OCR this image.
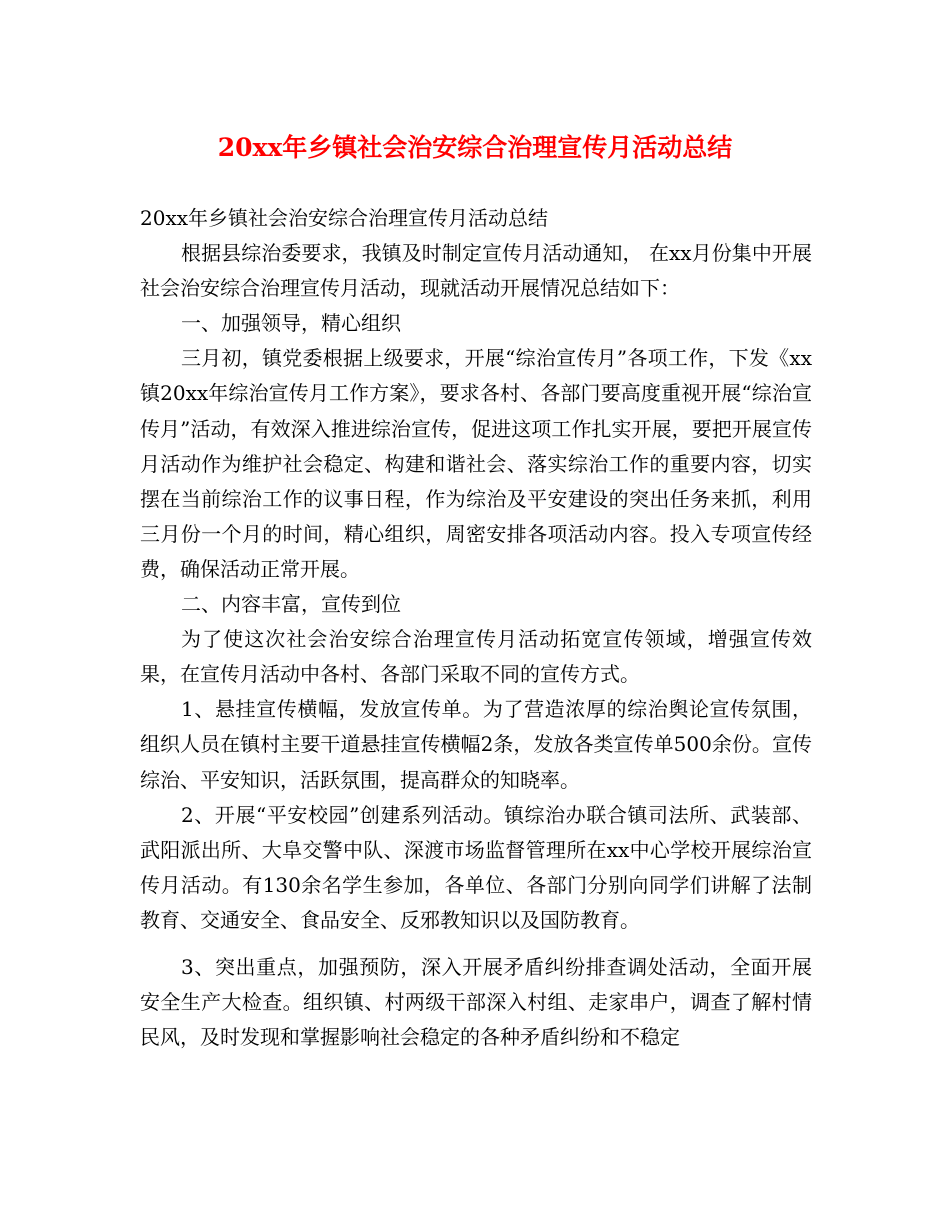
20xx年乡镇社会治安综合治理宣传月活动总结

20xx年乡镇社会治安综合治理宣传月活动总结

根据县综治委要求，我镇及时制定宣传月活动通知， 在xx月份集中开展社会治安综合治理宣传月活动，现就活动开展情况总结如下：

一、加强领导，精心组织

三月初，镇党委根据上级要求，开展“综治宣传月”各项工作，下发《xx镇20xx年综治宣传月工作方案》，要求各村、各部门要高度重视开展“综治宣传月”活动，有效深入推进综治宣传，促进这项工作扎实开展，要把开展宣传月活动作为维护社会稳定、构建和谐社会、落实综治工作的重要内容，切实摆在当前综治工作的议事日程，作为综治及平安建设的突出任务来抓，利用三月份一个月的时间，精心组织，周密安排各项活动内容。投入专项宣传经费，确保活动正常开展。

二、内容丰富，宣传到位

为了使这次社会治安综合治理宣传月活动拓宽宣传领域，增强宣传效果，在宣传月活动中各村、各部门采取不同的宣传方式。

1、悬挂宣传横幅，发放宣传单。为了营造浓厚的综治舆论宣传氛围，组织人员在镇村主要干道悬挂宣传横幅2条，发放各类宣传单500余份。宣传综治、平安知识，活跃氛围，提高群众的知晓率。

2、开展“平安校园”创建系列活动。镇综治办联合镇司法所、武装部、武阳派出所、大阜交警中队、深渡市场监督管理所在xx中心学校开展综治宣传月活动。有130余名学生参加，各单位、各部门分别向同学们讲解了法制教育、交通安全、食品安全、反邪教知识以及国防教育。

3、突出重点，加强预防，深入开展矛盾纠纷排查调处活动，全面开展安全生产大检查。组织镇、村两级干部深入村组、走家串户，调查了解村情民风，及时发现和掌握影响社会稳定的各种矛盾纠纷和不稳定
